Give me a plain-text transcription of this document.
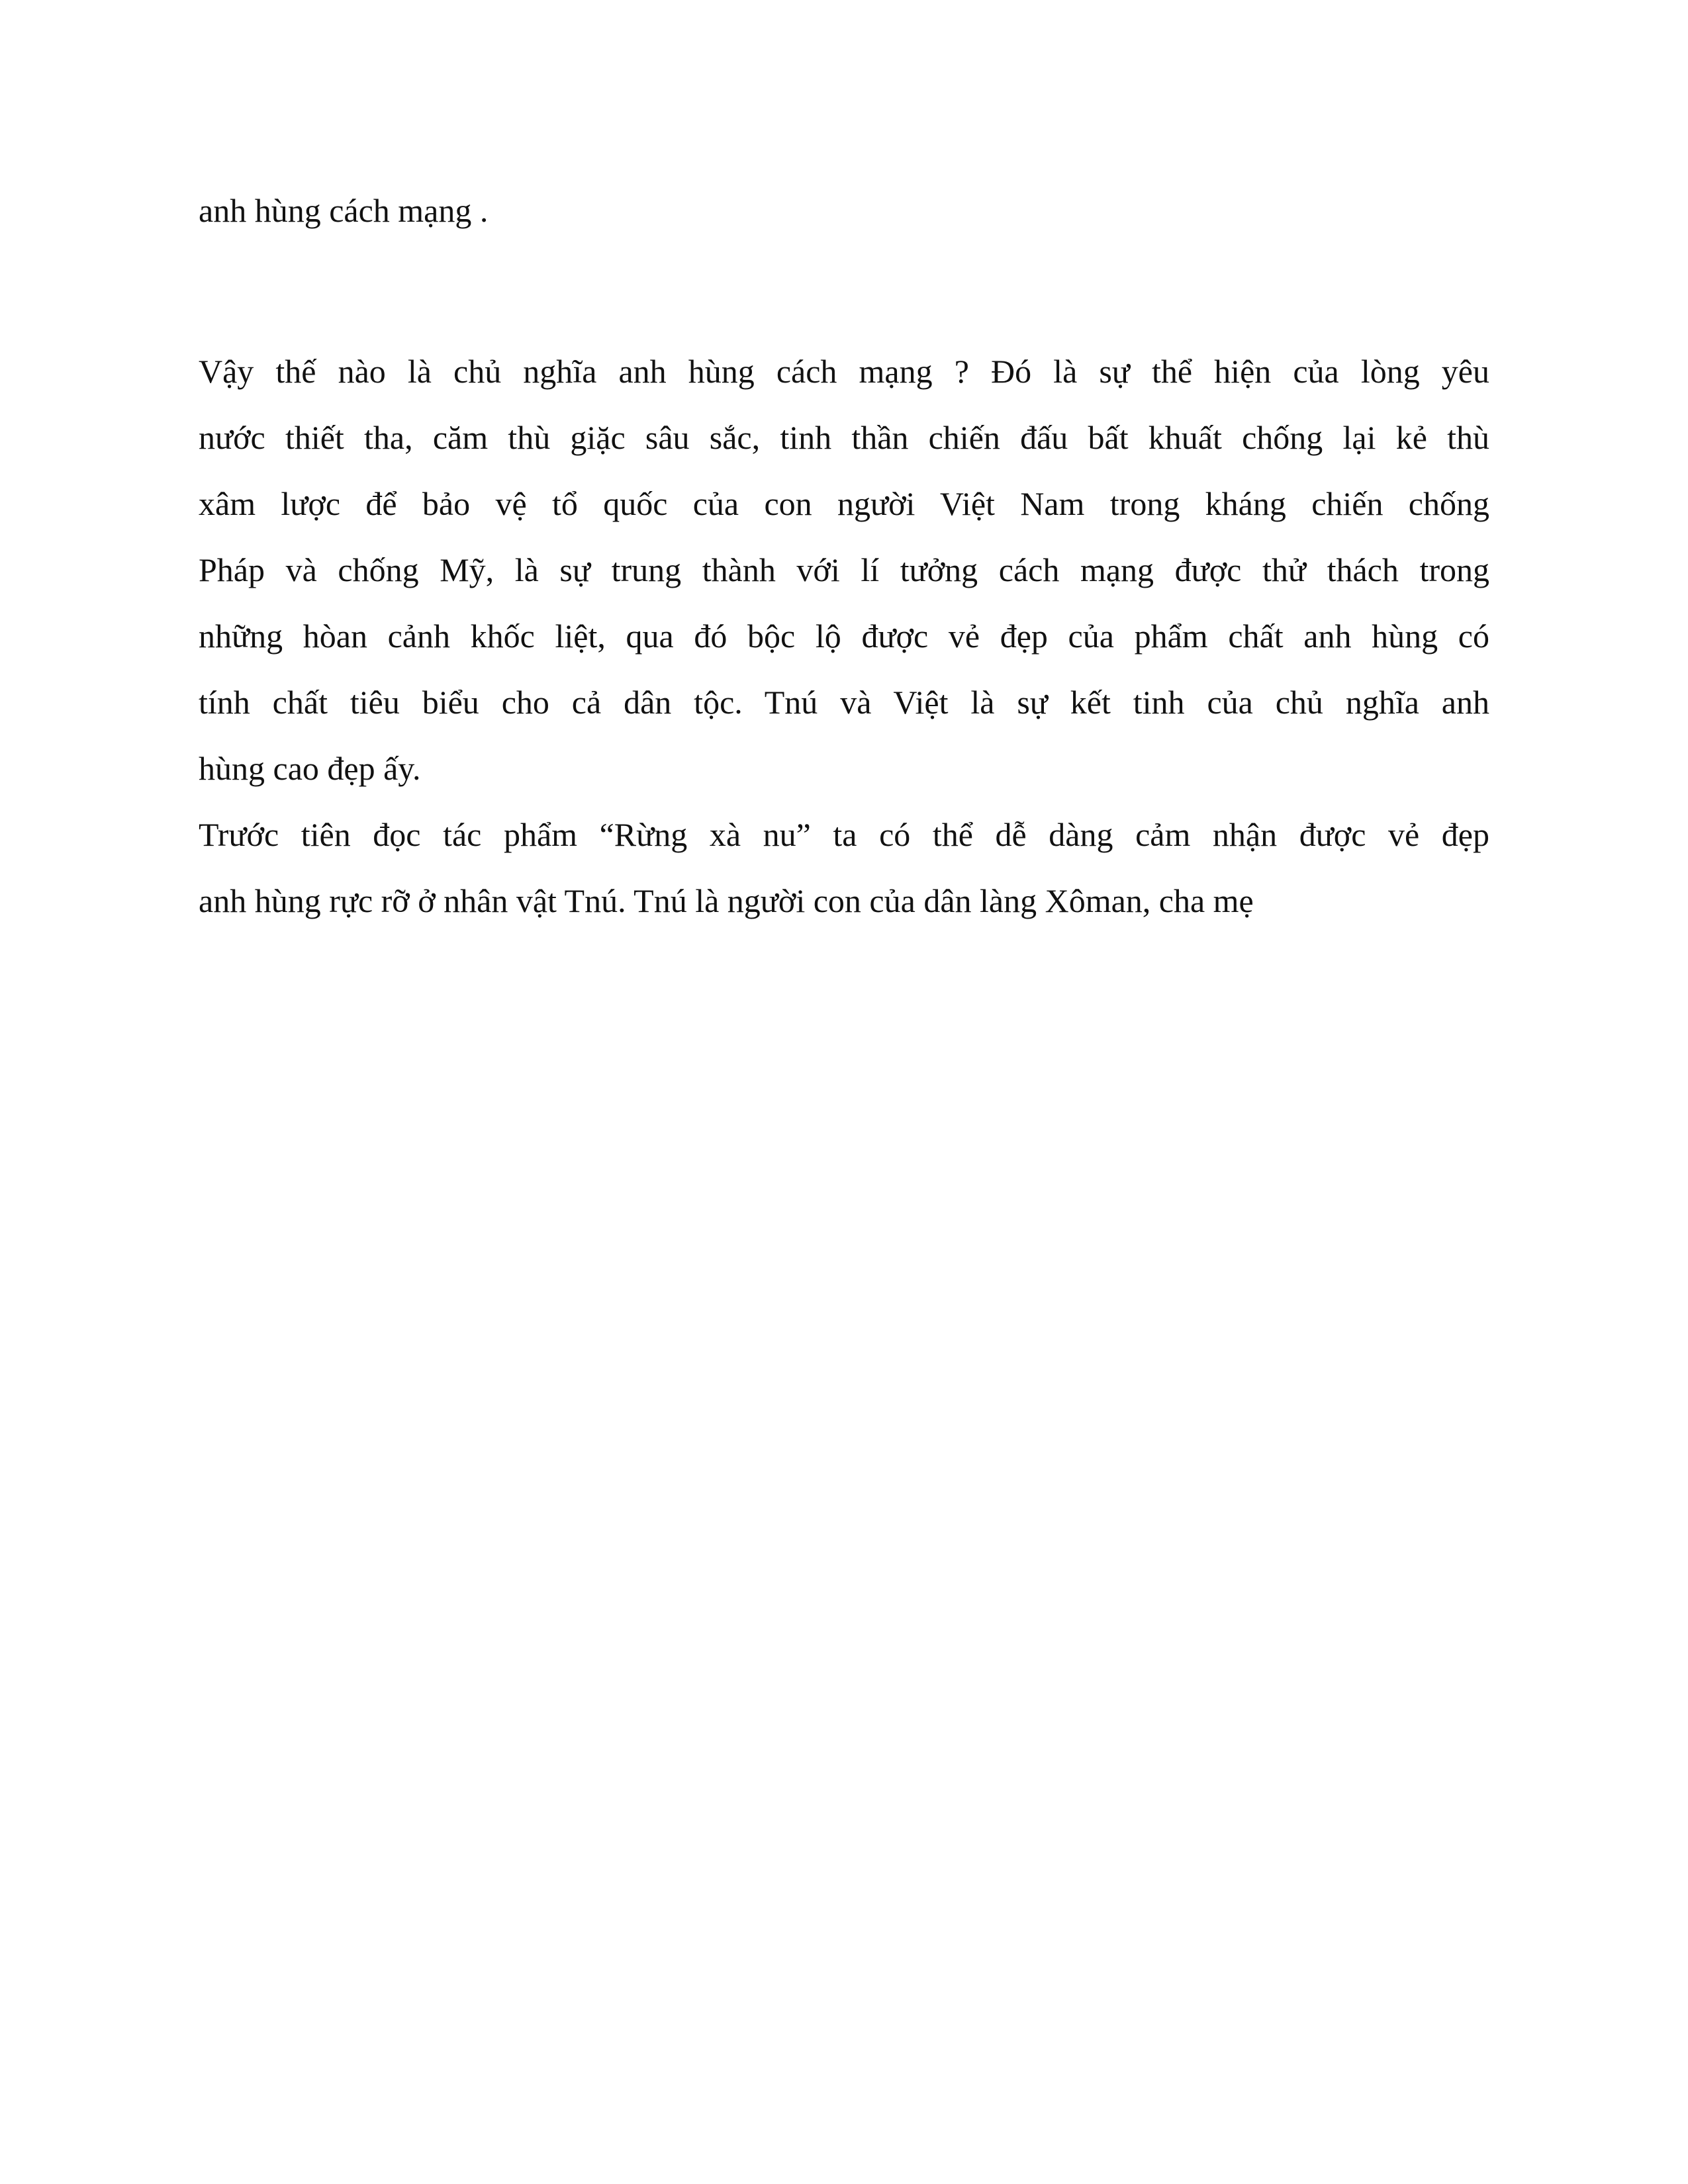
anh hùng cách mạng .

Vậy thế nào là chủ nghĩa anh hùng cách mạng ? Đó là sự thể hiện của lòng yêu
nước thiết tha, căm thù giặc sâu sắc, tinh thần chiến đấu bất khuất chống lại kẻ thù
xâm lược để bảo vệ tổ quốc của con người Việt Nam trong kháng chiến chống
Pháp và chống Mỹ, là sự trung thành với lí tưởng cách mạng được thử thách trong
những hòan cảnh khốc liệt, qua đó bộc lộ được vẻ đẹp của phẩm chất anh hùng có
tính chất tiêu biểu cho cả dân tộc. Tnú và Việt là sự kết tinh của chủ nghĩa anh
hùng cao đẹp ấy.

Trước tiên đọc tác phẩm “Rừng xà nu” ta có thể dễ dàng cảm nhận được vẻ đẹp
anh hùng rực rỡ ở nhân vật Tnú. Tnú là người con của dân làng Xôman, cha mẹ
